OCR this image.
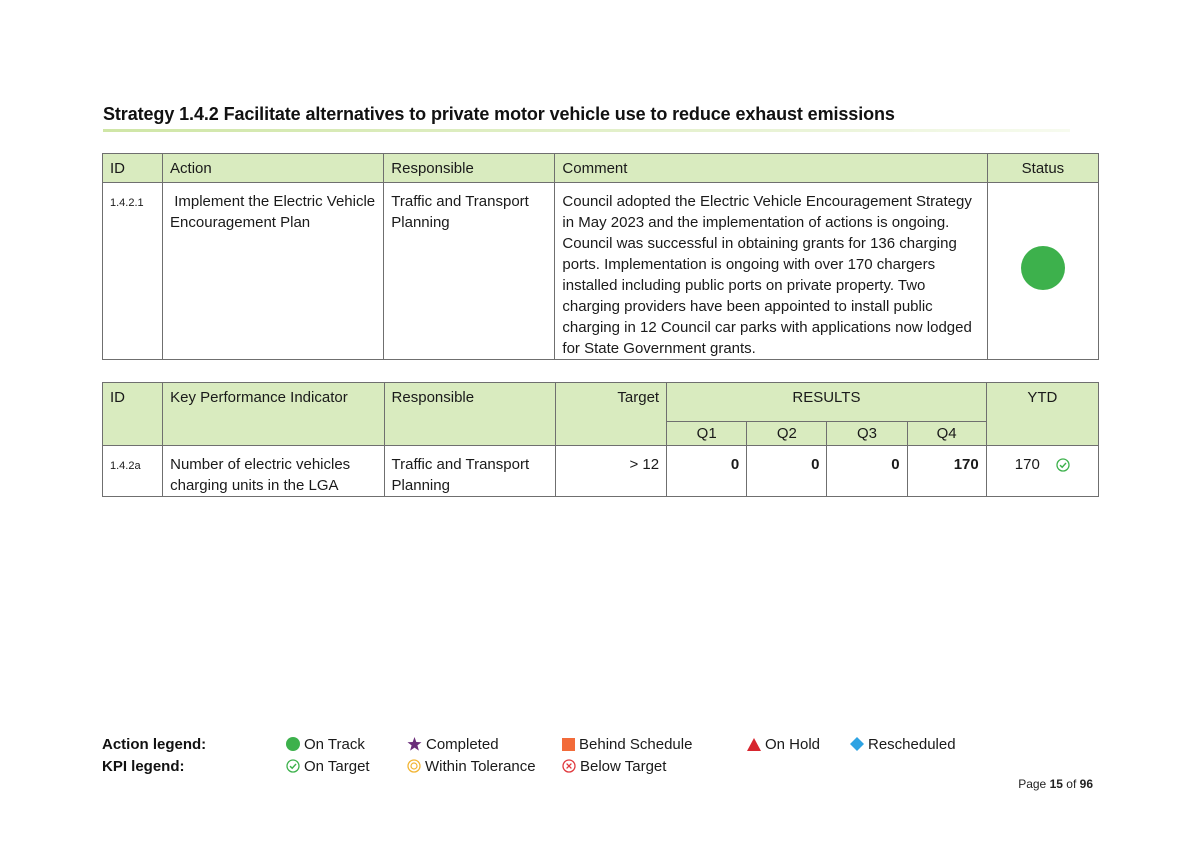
Strategy 1.4.2 Facilitate alternatives to private motor vehicle use to reduce exhaust emissions
ID	Action	Responsible	Comment	Status
1.4.2.1	Implement the Electric Vehicle Encouragement Plan	Traffic and Transport Planning	Council adopted the Electric Vehicle Encouragement Strategy in May 2023 and the implementation of actions is ongoing. Council was successful in obtaining grants for 136 charging ports. Implementation is ongoing with over 170 chargers installed including public ports on private property. Two charging providers have been appointed to install public charging in 12 Council car parks with applications now lodged for State Government grants.	
ID	Key Performance Indicator	Responsible	Target	RESULTS				YTD
				Q1	Q2	Q3	Q4	
1.4.2a	Number of electric vehicles charging units in the LGA	Traffic and Transport Planning	> 12	0	0	0	170	170
Action legend:
KPI legend:
On Track	Completed	Behind Schedule	On Hold	Rescheduled
On Target	Within Tolerance	Below Target
Page 15 of 96
